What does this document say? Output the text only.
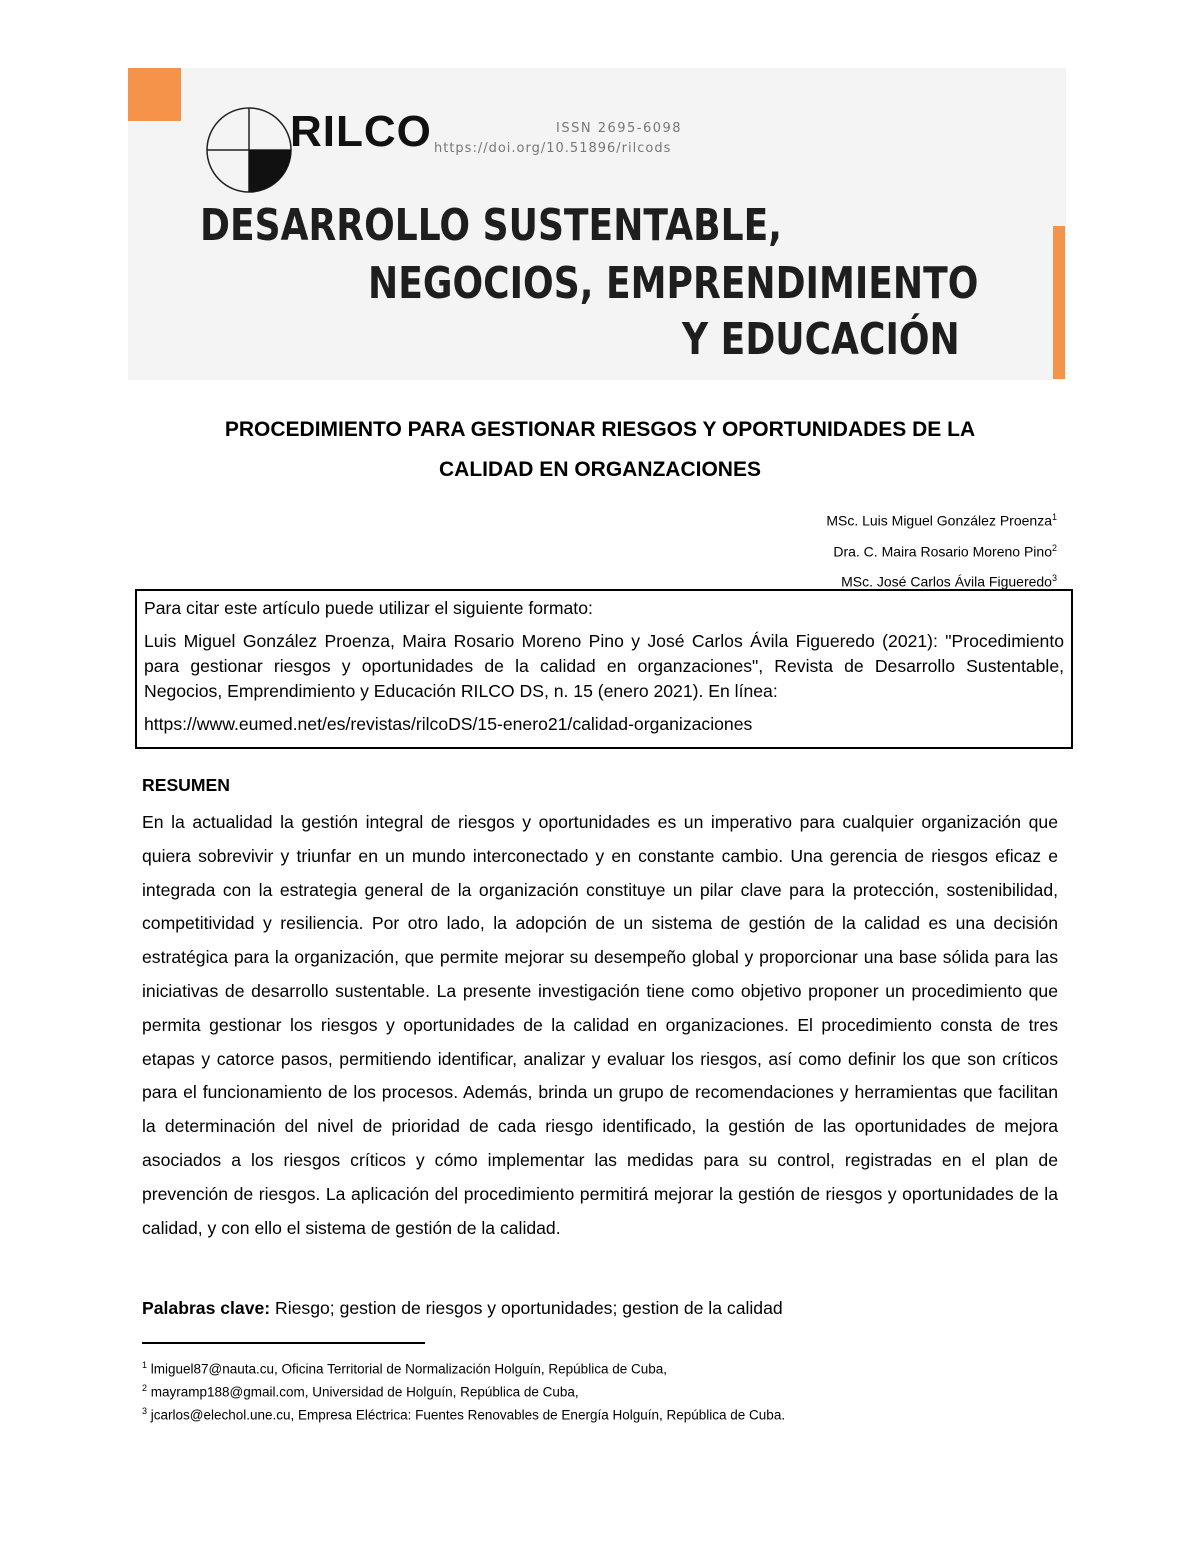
RILCO	ISSN 2695-6098
https://doi.org/10.51896/rilcods
DESARROLLO SUSTENTABLE,
NEGOCIOS, EMPRENDIMIENTO
Y EDUCACIÓN
PROCEDIMIENTO PARA GESTIONAR RIESGOS Y OPORTUNIDADES DE LA
CALIDAD EN ORGANZACIONES
MSc. Luis Miguel González Proenza$^1$
Dra. C. Maira Rosario Moreno Pino$^2$
MSc. José Carlos Ávila Figueredo$^3$

Para citar este artículo puede utilizar el siguiente formato:

Luis Miguel González Proenza, Maira Rosario Moreno Pino y José Carlos Ávila Figueredo (2021): "Procedimiento para gestionar riesgos y oportunidades de la calidad en organzaciones", Revista de Desarrollo Sustentable, Negocios, Emprendimiento y Educación RILCO DS, n. 15 (enero 2021). En línea:

https://www.eumed.net/es/revistas/rilcoDS/15-enero21/calidad-organizaciones

RESUMEN

En la actualidad la gestión integral de riesgos y oportunidades es un imperativo para cualquier organización que quiera sobrevivir y triunfar en un mundo interconectado y en constante cambio. Una gerencia de riesgos eficaz e integrada con la estrategia general de la organización constituye un pilar clave para la protección, sostenibilidad, competitividad y resiliencia. Por otro lado, la adopción de un sistema de gestión de la calidad es una decisión estratégica para la organización, que permite mejorar su desempeño global y proporcionar una base sólida para las iniciativas de desarrollo sustentable. La presente investigación tiene como objetivo proponer un procedimiento que permita gestionar los riesgos y oportunidades de la calidad en organizaciones. El procedimiento consta de tres etapas y catorce pasos, permitiendo identificar, analizar y evaluar los riesgos, así como definir los que son críticos para el funcionamiento de los procesos. Además, brinda un grupo de recomendaciones y herramientas que facilitan la determinación del nivel de prioridad de cada riesgo identificado, la gestión de las oportunidades de mejora asociados a los riesgos críticos y cómo implementar las medidas para su control, registradas en el plan de prevención de riesgos. La aplicación del procedimiento permitirá mejorar la gestión de riesgos y oportunidades de la calidad, y con ello el sistema de gestión de la calidad.

Palabras clave: Riesgo; gestion de riesgos y oportunidades; gestion de la calidad
$^1$ lmiguel87@nauta.cu, Oficina Territorial de Normalización Holguín, República de Cuba,
$^2$ mayramp188@gmail.com, Universidad de Holguín, República de Cuba,
$^3$ jcarlos@elechol.une.cu, Empresa Eléctrica: Fuentes Renovables de Energía Holguín, República de Cuba.
